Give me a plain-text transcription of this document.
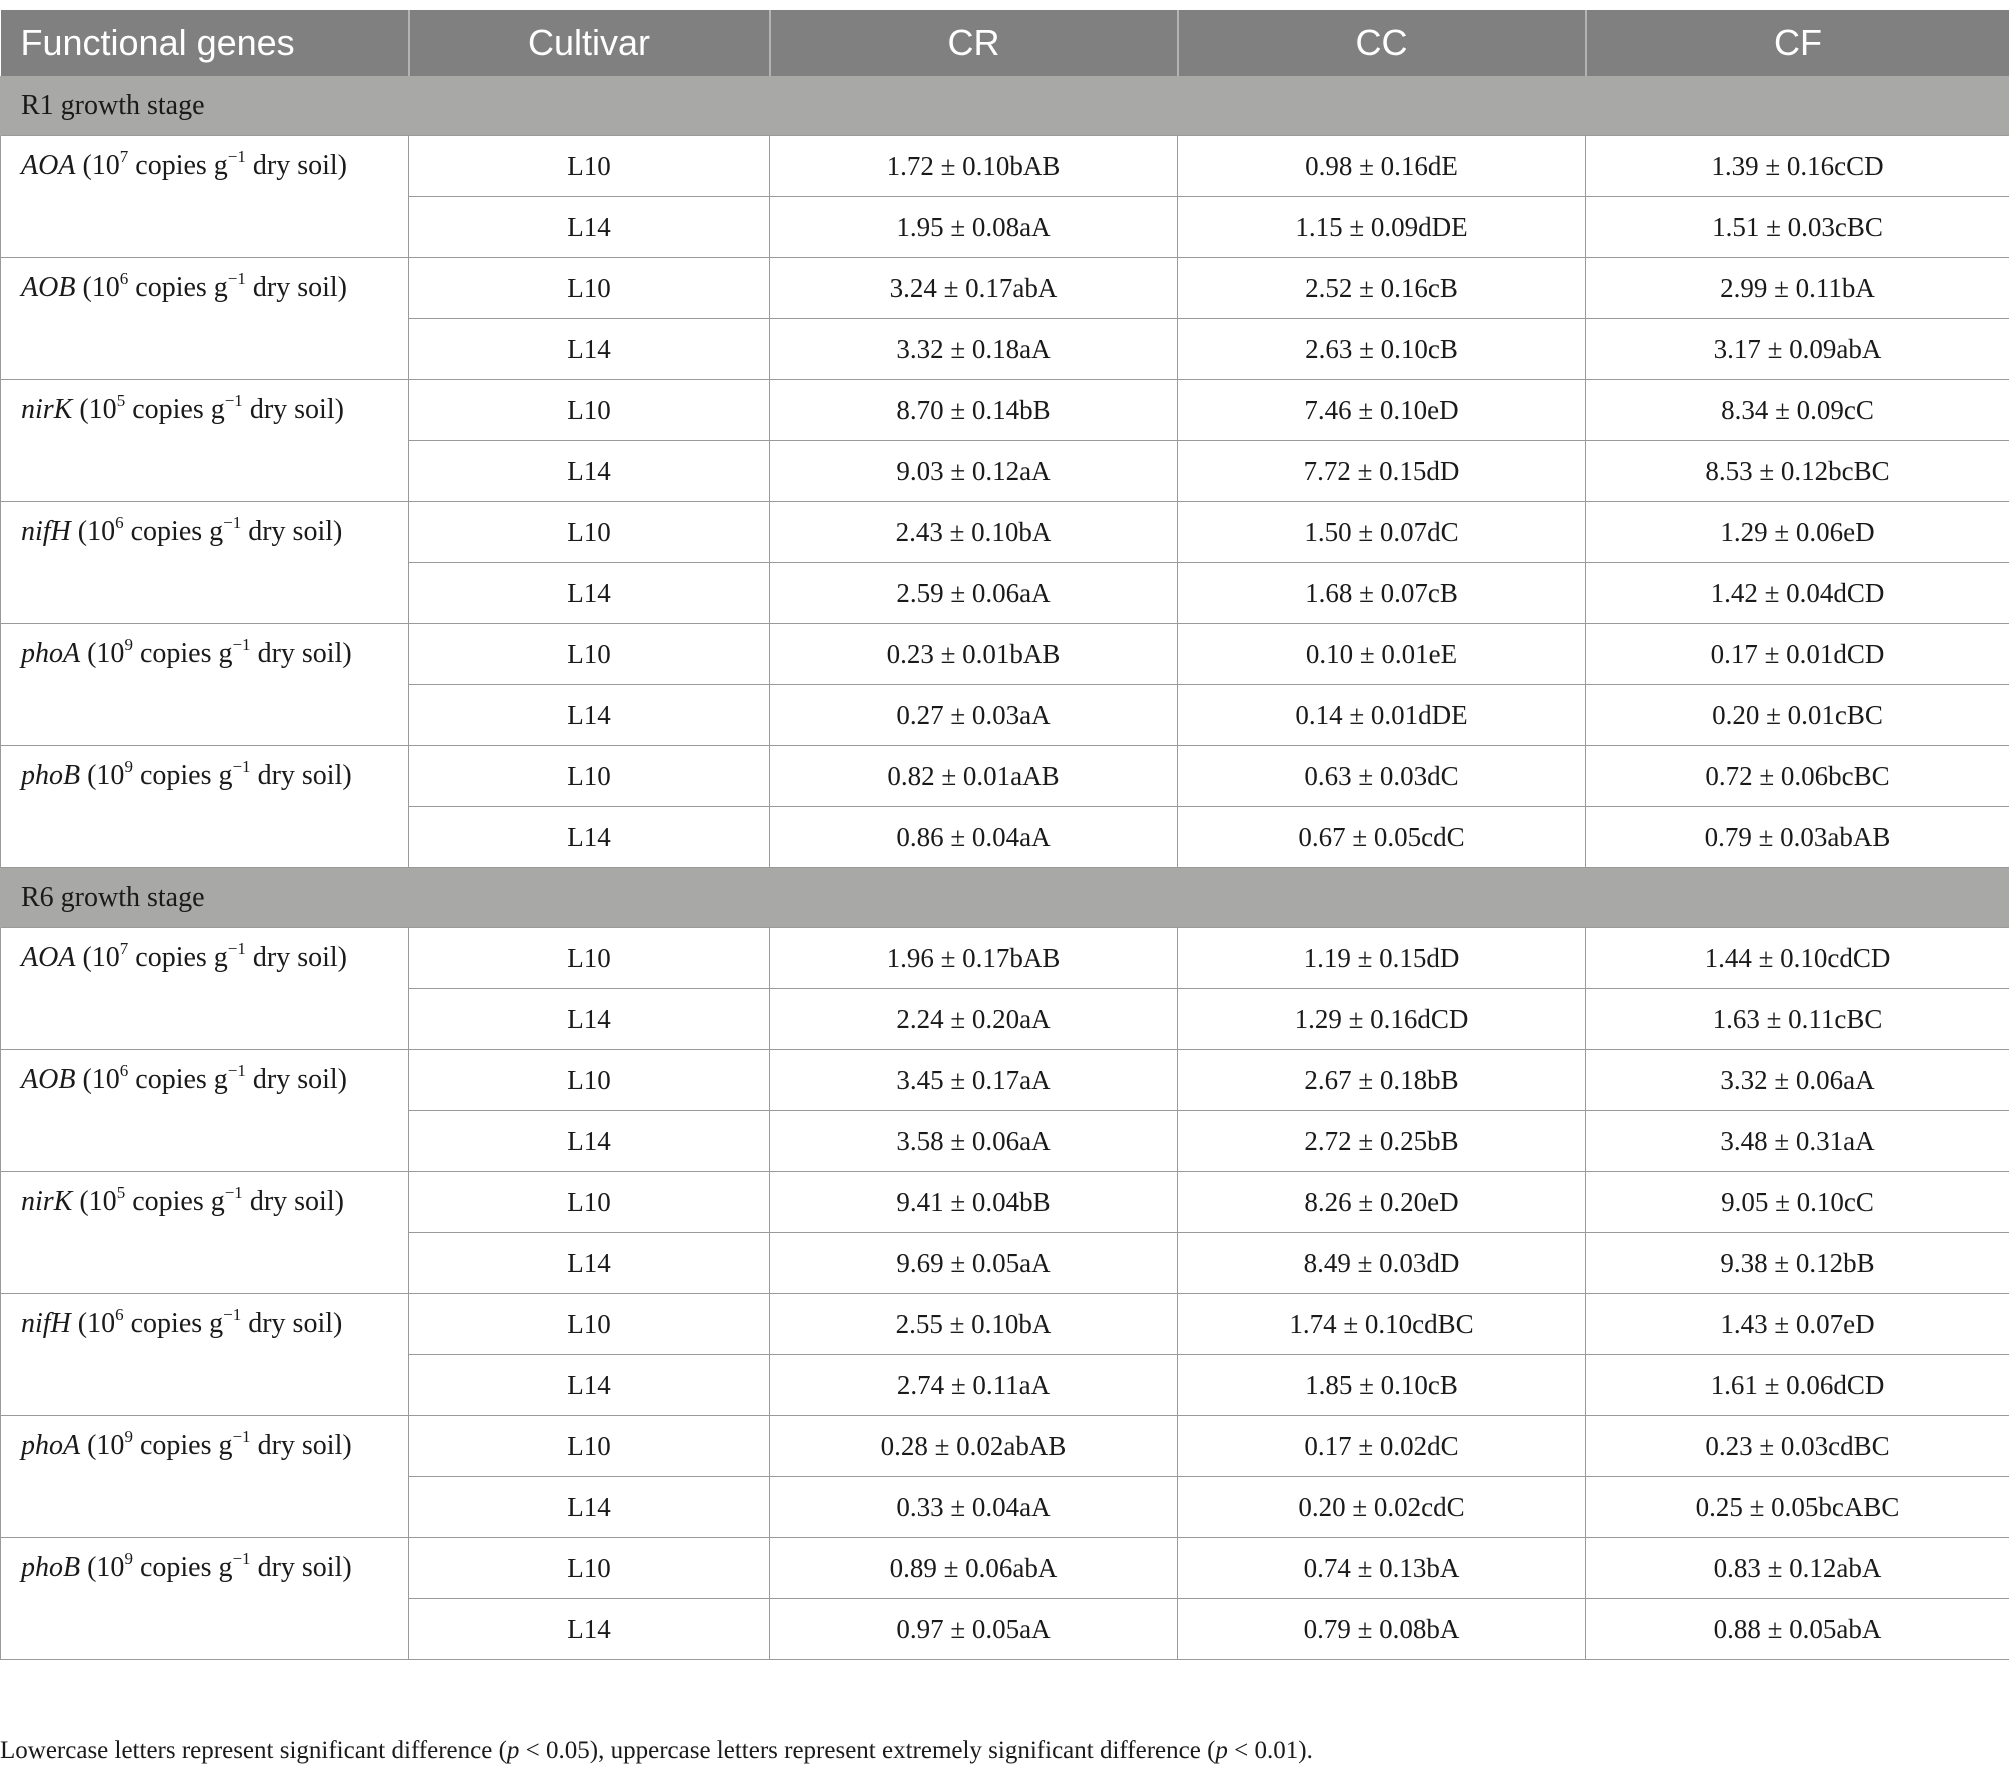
Functional genes	Cultivar	CR	CC	CF
R1 growth stage				
AOA ($10^7$ copies $g^{-1}$ dry soil)	L10	1.72 ± 0.10bAB	0.98 ± 0.16dE	1.39 ± 0.16cCD
	L14	1.95 ± 0.08aA	1.15 ± 0.09dDE	1.51 ± 0.03cBC
AOB ($10^6$ copies $g^{-1}$ dry soil)	L10	3.24 ± 0.17abA	2.52 ± 0.16cB	2.99 ± 0.11bA
	L14	3.32 ± 0.18aA	2.63 ± 0.10cB	3.17 ± 0.09abA
nirK ($10^5$ copies $g^{-1}$ dry soil)	L10	8.70 ± 0.14bB	7.46 ± 0.10eD	8.34 ± 0.09cC
	L14	9.03 ± 0.12aA	7.72 ± 0.15dD	8.53 ± 0.12bcBC
nifH ($10^6$ copies $g^{-1}$ dry soil)	L10	2.43 ± 0.10bA	1.50 ± 0.07dC	1.29 ± 0.06eD
	L14	2.59 ± 0.06aA	1.68 ± 0.07cB	1.42 ± 0.04dCD
phoA ($10^9$ copies $g^{-1}$ dry soil)	L10	0.23 ± 0.01bAB	0.10 ± 0.01eE	0.17 ± 0.01dCD
	L14	0.27 ± 0.03aA	0.14 ± 0.01dDE	0.20 ± 0.01cBC
phoB ($10^9$ copies $g^{-1}$ dry soil)	L10	0.82 ± 0.01aAB	0.63 ± 0.03dC	0.72 ± 0.06bcBC
	L14	0.86 ± 0.04aA	0.67 ± 0.05cdC	0.79 ± 0.03abAB
R6 growth stage				
AOA ($10^7$ copies $g^{-1}$ dry soil)	L10	1.96 ± 0.17bAB	1.19 ± 0.15dD	1.44 ± 0.10cdCD
	L14	2.24 ± 0.20aA	1.29 ± 0.16dCD	1.63 ± 0.11cBC
AOB ($10^6$ copies $g^{-1}$ dry soil)	L10	3.45 ± 0.17aA	2.67 ± 0.18bB	3.32 ± 0.06aA
	L14	3.58 ± 0.06aA	2.72 ± 0.25bB	3.48 ± 0.31aA
nirK ($10^5$ copies $g^{-1}$ dry soil)	L10	9.41 ± 0.04bB	8.26 ± 0.20eD	9.05 ± 0.10cC
	L14	9.69 ± 0.05aA	8.49 ± 0.03dD	9.38 ± 0.12bB
nifH ($10^6$ copies $g^{-1}$ dry soil)	L10	2.55 ± 0.10bA	1.74 ± 0.10cdBC	1.43 ± 0.07eD
	L14	2.74 ± 0.11aA	1.85 ± 0.10cB	1.61 ± 0.06dCD
phoA ($10^9$ copies $g^{-1}$ dry soil)	L10	0.28 ± 0.02abAB	0.17 ± 0.02dC	0.23 ± 0.03cdBC
	L14	0.33 ± 0.04aA	0.20 ± 0.02cdC	0.25 ± 0.05bcABC
phoB ($10^9$ copies $g^{-1}$ dry soil)	L10	0.89 ± 0.06abA	0.74 ± 0.13bA	0.83 ± 0.12abA
	L14	0.97 ± 0.05aA	0.79 ± 0.08bA	0.88 ± 0.05abA
Lowercase letters represent significant difference (p < 0.05), uppercase letters represent extremely significant difference (p < 0.01).
